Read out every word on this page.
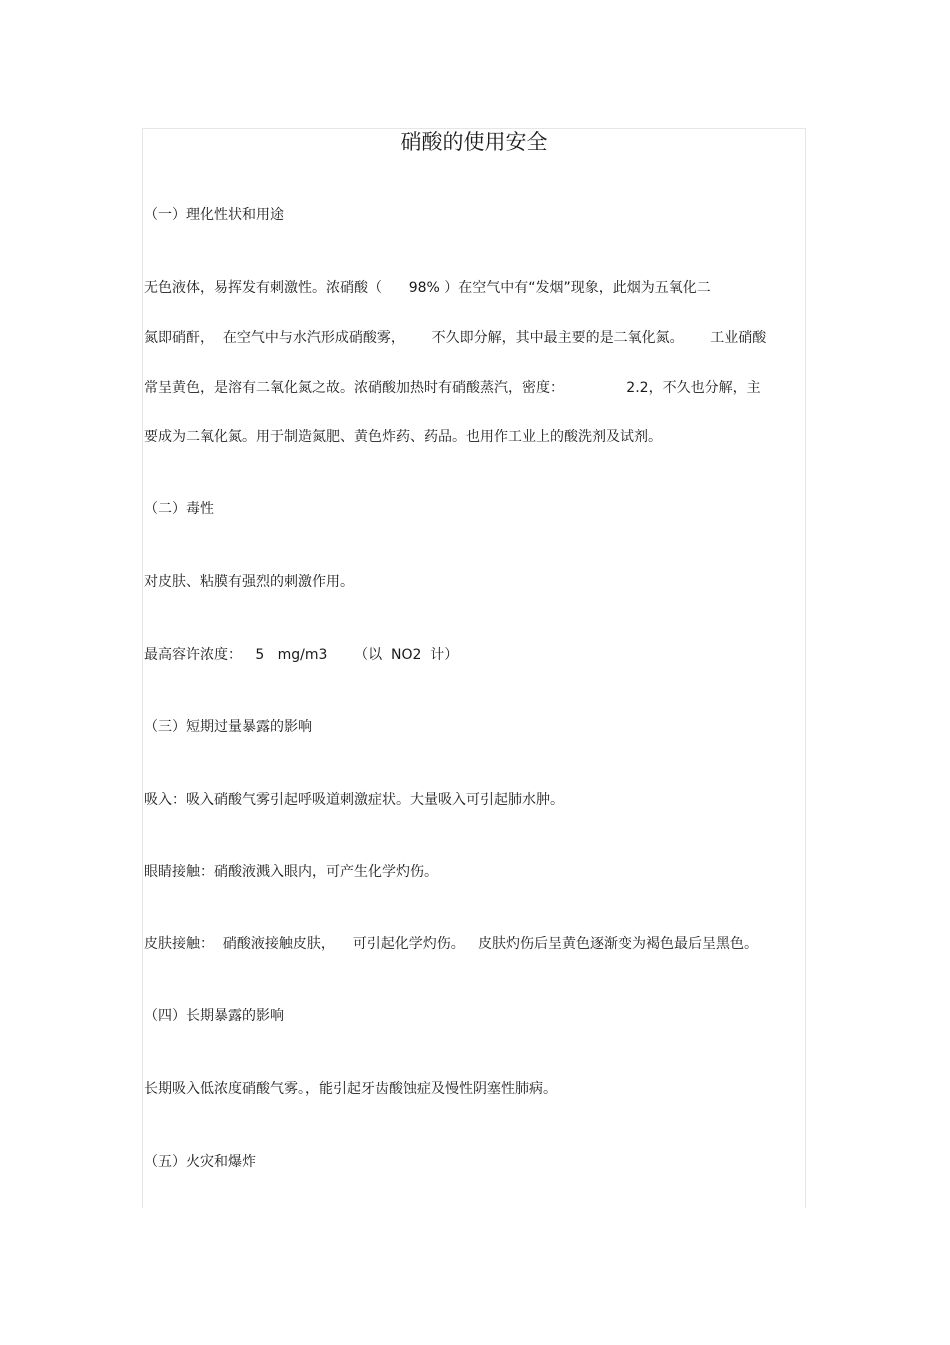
硝酸的使用安全
（一）理化性状和用途
无色液体，易挥发有刺激性。浓硝酸（      98% ）在空气中有“发烟”现象，此烟为五氧化二
氮即硝酐，  在空气中与水汽形成硝酸雾，      不久即分解，其中最主要的是二氧化氮。      工业硝酸
常呈黄色，是溶有二氧化氮之故。浓硝酸加热时有硝酸蒸汽，密度：              2.2，不久也分解，主
要成为二氧化氮。用于制造氮肥、黄色炸药、药品。也用作工业上的酸洗剂及试剂。
（二）毒性
对皮肤、粘膜有强烈的刺激作用。
最高容许浓度：   5   mg/m3      （以  NO2  计）
（三）短期过量暴露的影响
吸入：吸入硝酸气雾引起呼吸道刺激症状。大量吸入可引起肺水肿。
眼睛接触：硝酸液溅入眼内，可产生化学灼伤。
皮肤接触：  硝酸液接触皮肤，    可引起化学灼伤。   皮肤灼伤后呈黄色逐渐变为褐色最后呈黑色。
（四）长期暴露的影响
长期吸入低浓度硝酸气雾。，能引起牙齿酸蚀症及慢性阴塞性肺病。
（五）火灾和爆炸
